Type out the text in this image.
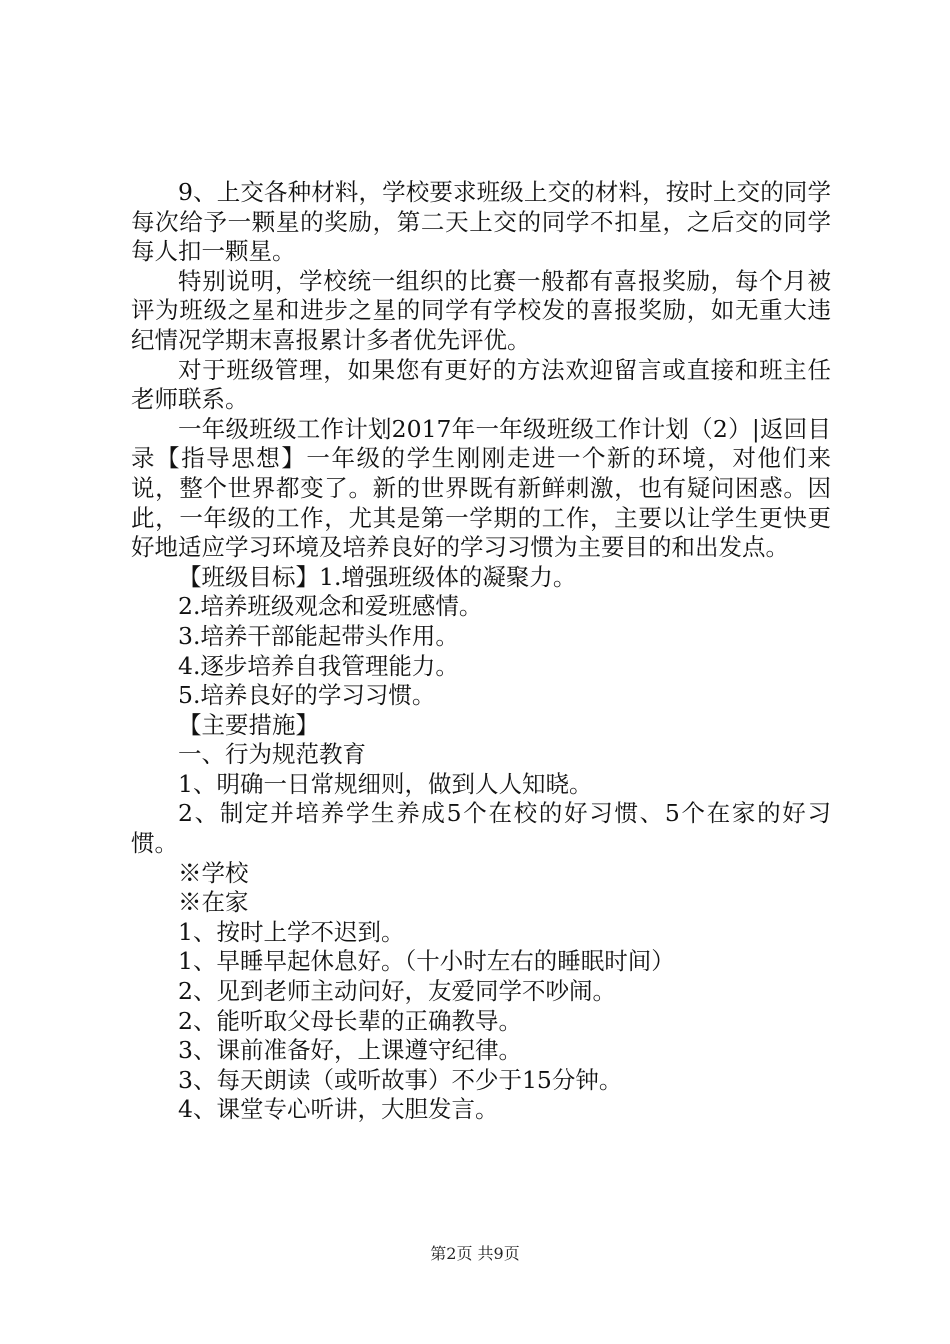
9、上交各种材料，学校要求班级上交的材料，按时上交的同学每次给予一颗星的奖励，第二天上交的同学不扣星，之后交的同学每人扣一颗星。

特别说明，学校统一组织的比赛一般都有喜报奖励，每个月被评为班级之星和进步之星的同学有学校发的喜报奖励，如无重大违纪情况学期末喜报累计多者优先评优。

对于班级管理，如果您有更好的方法欢迎留言或直接和班主任老师联系。

一年级班级工作计划2017年一年级班级工作计划（2）|返回目录【指导思想】一年级的学生刚刚走进一个新的环境，对他们来说，整个世界都变了。新的世界既有新鲜刺激，也有疑问困惑。因此，一年级的工作，尤其是第一学期的工作，主要以让学生更快更好地适应学习环境及培养良好的学习习惯为主要目的和出发点。

【班级目标】1.增强班级体的凝聚力。

2.培养班级观念和爱班感情。

3.培养干部能起带头作用。

4.逐步培养自我管理能力。

5.培养良好的学习习惯。

【主要措施】

一、行为规范教育

1、明确一日常规细则，做到人人知晓。

2、制定并培养学生养成5个在校的好习惯、5个在家的好习惯。

※学校

※在家

1、按时上学不迟到。

1、早睡早起休息好。（十小时左右的睡眠时间）

2、见到老师主动问好，友爱同学不吵闹。

2、能听取父母长辈的正确教导。

3、课前准备好，上课遵守纪律。

3、每天朗读（或听故事）不少于15分钟。

4、课堂专心听讲，大胆发言。

第2页 共9页
